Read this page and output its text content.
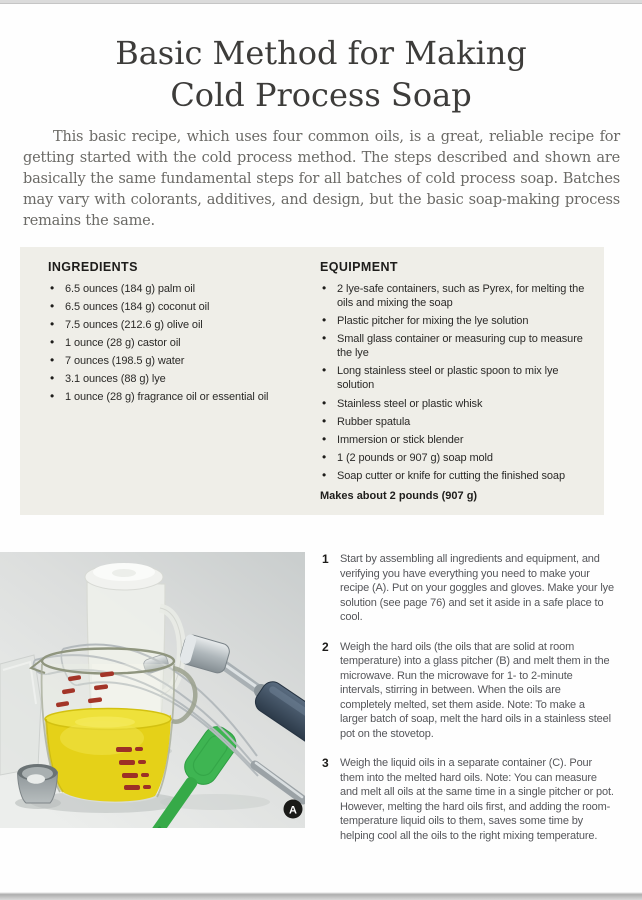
Basic Method for Making
Cold Process Soap

This basic recipe, which uses four common oils, is a great, reliable recipe for getting started with the cold process method. The steps described and shown are basically the same fundamental steps for all batches of cold process soap. Batches may vary with colorants, additives, and design, but the basic soap-making process remains the same.

INGREDIENTS
• 6.5 ounces (184 g) palm oil
• 6.5 ounces (184 g) coconut oil
• 7.5 ounces (212.6 g) olive oil
• 1 ounce (28 g) castor oil
• 7 ounces (198.5 g) water
• 3.1 ounces (88 g) lye
• 1 ounce (28 g) fragrance oil or essential oil
EQUIPMENT
• 2 lye-safe containers, such as Pyrex, for melting the oils and mixing the soap
• Plastic pitcher for mixing the lye solution
• Small glass container or measuring cup to measure the lye
• Long stainless steel or plastic spoon to mix lye solution
• Stainless steel or plastic whisk
• Rubber spatula
• Immersion or stick blender
• 1 (2 pounds or 907 g) soap mold
• Soap cutter or knife for cutting the finished soap
Makes about 2 pounds (907 g)
A
1	Start by assembling all ingredients and equipment, and verifying you have everything you need to make your recipe (A). Put on your goggles and gloves. Make your lye solution (see page 76) and set it aside in a safe place to cool.
2	Weigh the hard oils (the oils that are solid at room temperature) into a glass pitcher (B) and melt them in the microwave. Run the microwave for 1- to 2-minute intervals, stirring in between. When the oils are completely melted, set them aside. Note: To make a larger batch of soap, melt the hard oils in a stainless steel pot on the stovetop.
3	Weigh the liquid oils in a separate container (C). Pour them into the melted hard oils. Note: You can measure and melt all oils at the same time in a single pitcher or pot. However, melting the hard oils first, and adding the room-temperature liquid oils to them, saves some time by helping cool all the oils to the right mixing temperature.
